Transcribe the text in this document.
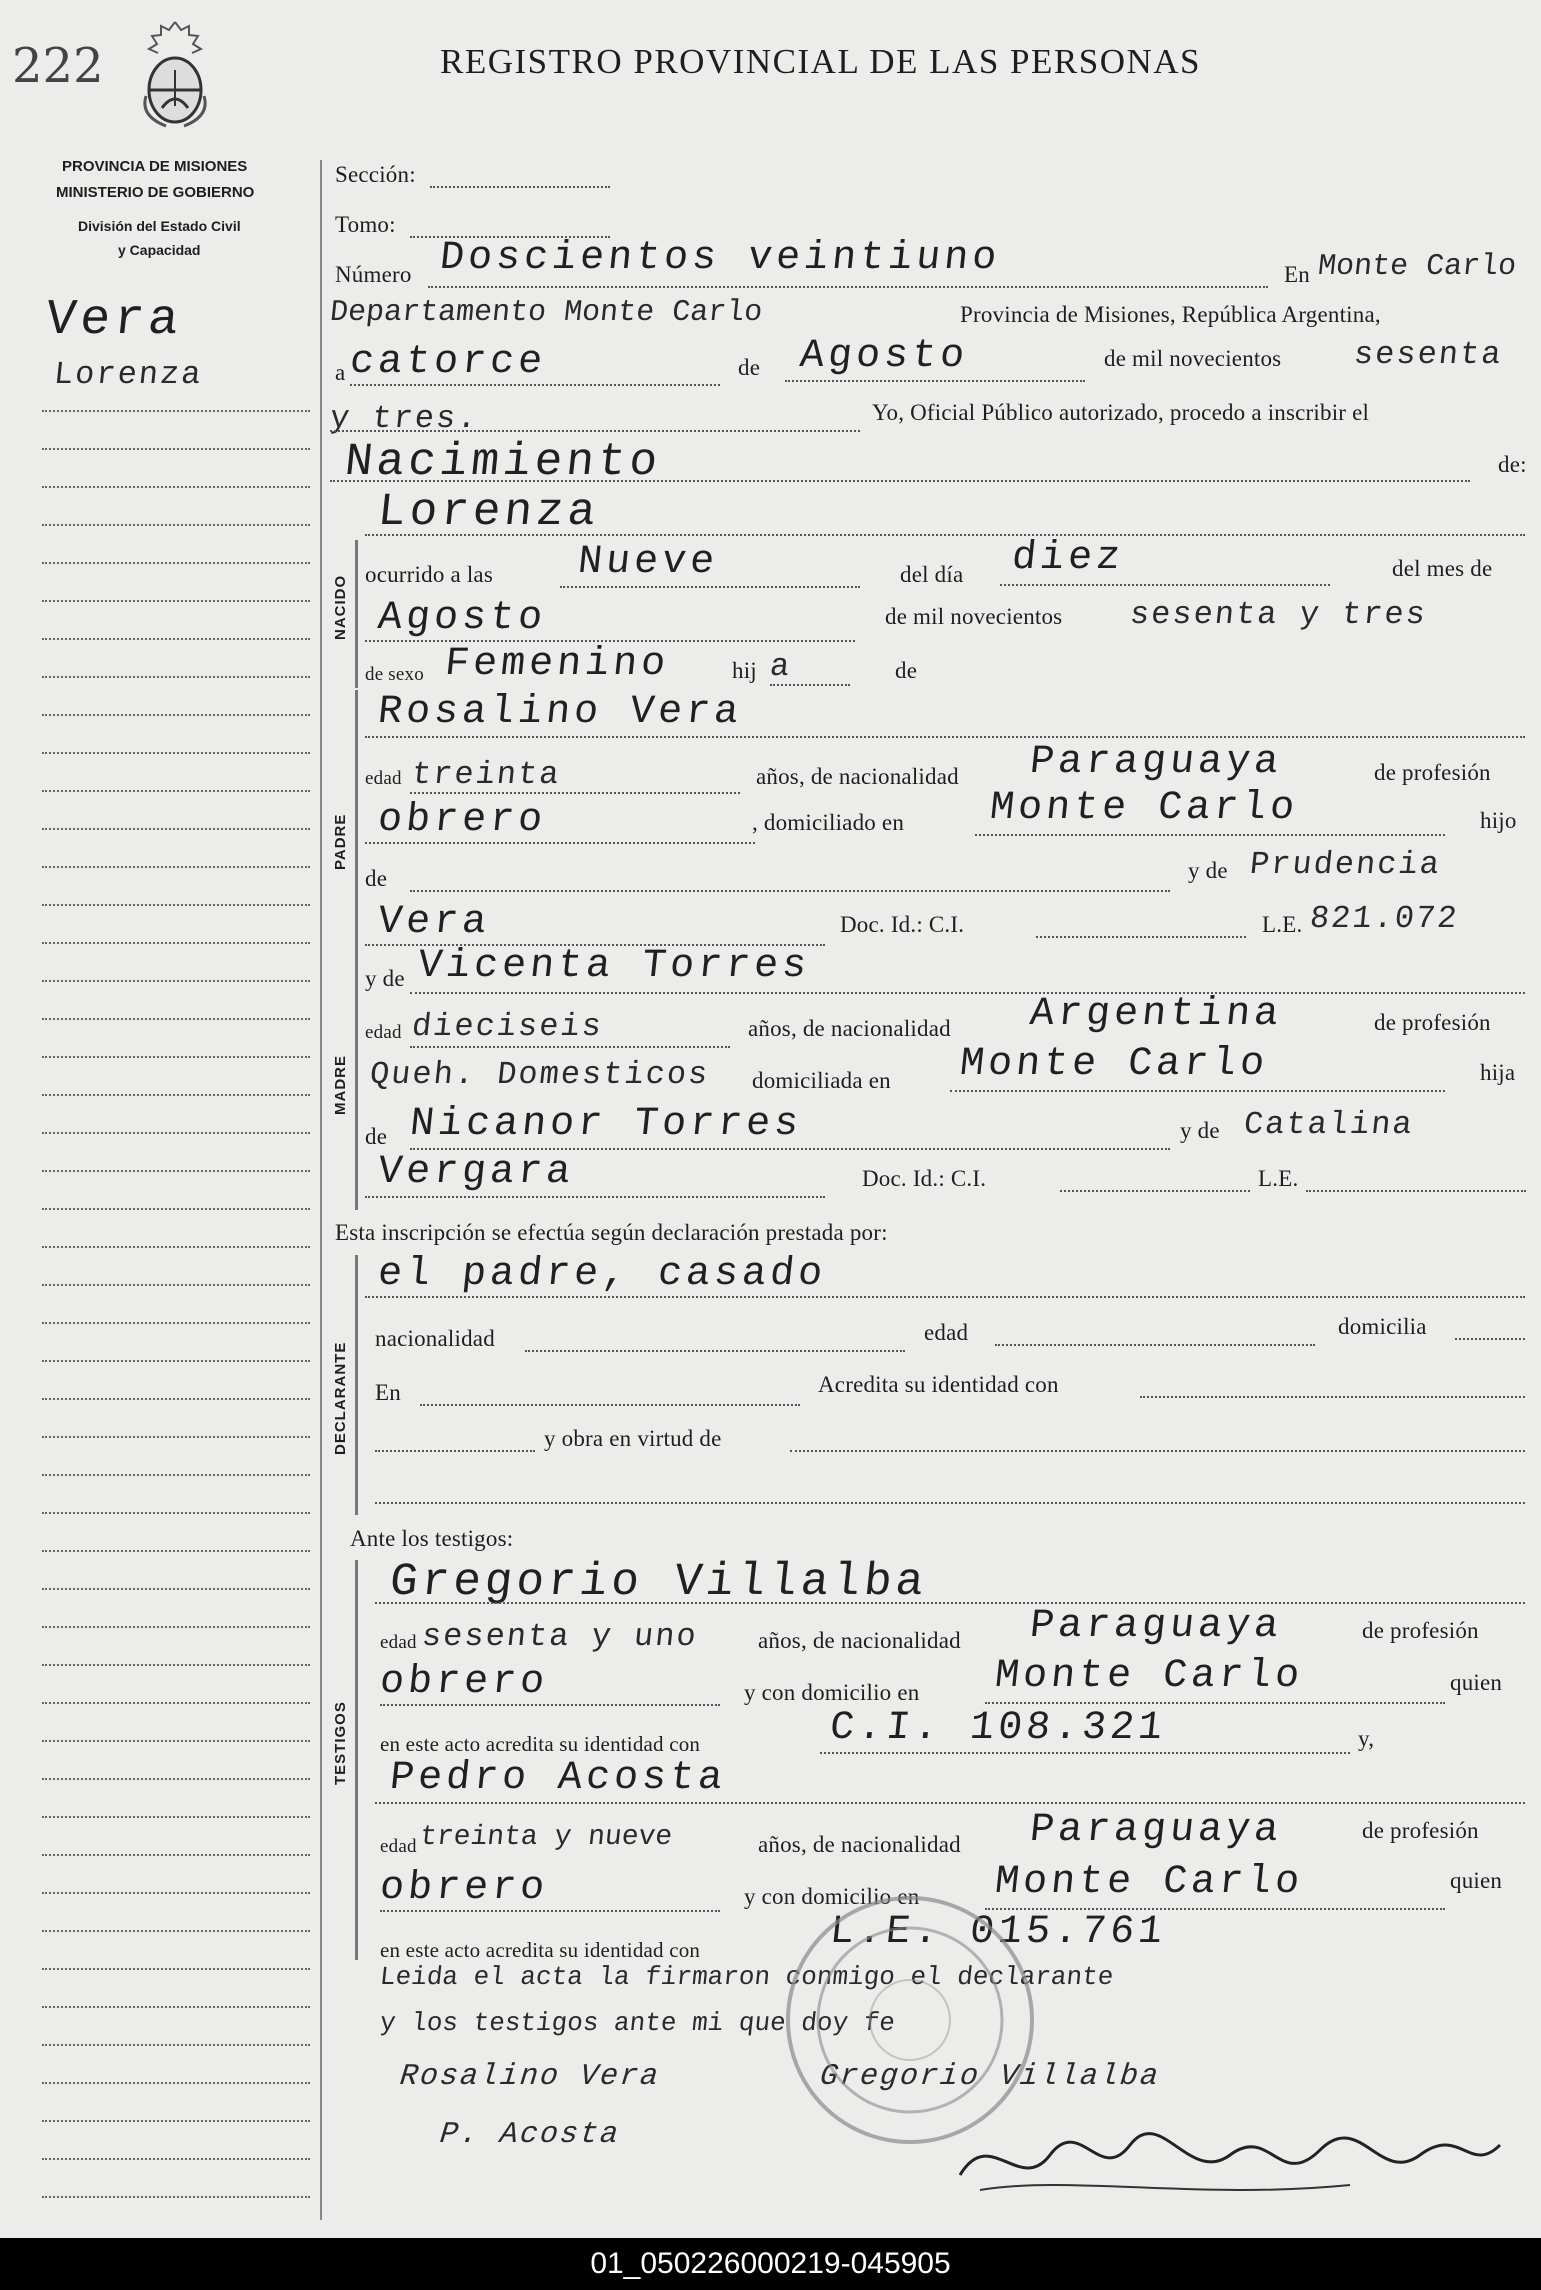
222	REGISTRO PROVINCIAL DE LAS PERSONAS
PROVINCIA DE MISIONES
MINISTERIO DE GOBIERNO
División del Estado Civil
y Capacidad
Vera
Lorenza
NACIDO
PADRE
MADRE
DECLARANTE
TESTIGOS
Sección:
Tomo:
Número Doscientos veintiuno	En Monte Carlo
Departamento Monte Carlo	Provincia de Misiones, República Argentina,
a catorce	de Agosto	de mil novecientos sesenta
y tres.	Yo, Oficial Público autorizado, procedo a inscribir el
Nacimiento	de:
Lorenza
ocurrido a las Nueve	del día diez	del mes de
Agosto	de mil novecientos sesenta y tres
de sexo Femenino	hij a	de
Rosalino Vera
edad treinta	años, de nacionalidad Paraguaya	de profesión
obrero	, domiciliado en Monte Carlo	hijo
de	y de Prudencia
Vera	Doc. Id.: C.I.	L.E. 821.072
y de Vicenta Torres
edad dieciseis	años, de nacionalidad Argentina	de profesión
Queh. Domesticos domiciliada en Monte Carlo	hija
de Nicanor Torres	y de Catalina
Vergara	Doc. Id.: C.I.	L.E.
Esta inscripción se efectúa según declaración prestada por:
el padre, casado
nacionalidad	edad	domicilia
En	Acredita su identidad con
y obra en virtud de
Ante los testigos:
Gregorio Villalba
edad sesenta y uno	años, de nacionalidad Paraguaya	de profesión
obrero	y con domicilio en Monte Carlo	quien
en este acto acredita su identidad con	C.I. 108.321	y,
Pedro Acosta
edad treinta y nueve	años, de nacionalidad Paraguaya	de profesión
obrero	y con domicilio en Monte Carlo	quien
en este acto acredita su identidad con	L.E. 015.761
Leida el acta la firmaron conmigo el declarante
y los testigos ante mi que doy fe
Rosalino Vera	Gregorio Villalba
P. Acosta
01_050226000219-045905
